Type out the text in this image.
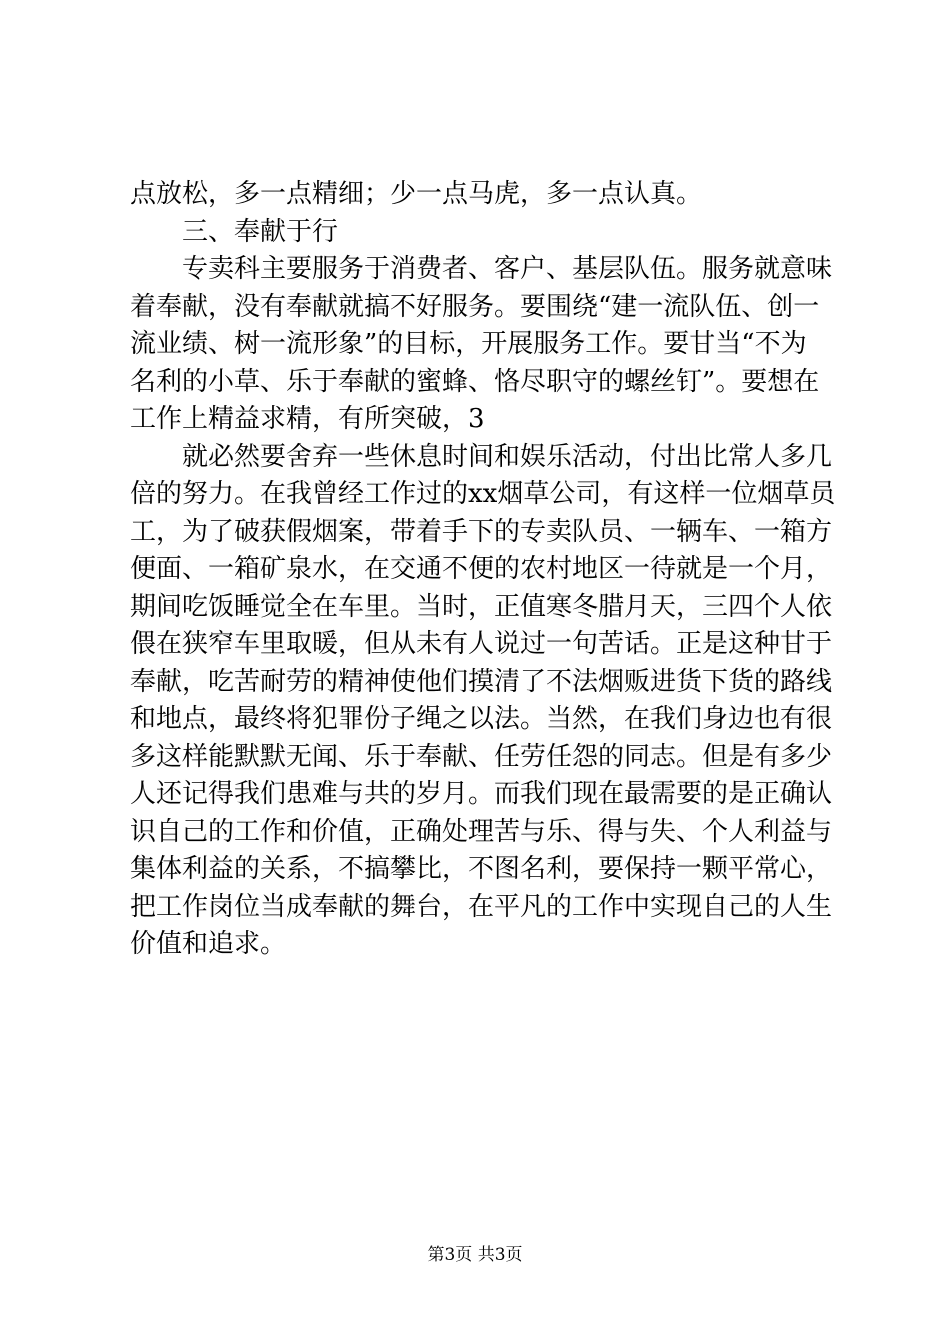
点放松，多一点精细；少一点马虎，多一点认真。
三、奉献于行
专卖科主要服务于消费者、客户、基层队伍。服务就意味
着奉献，没有奉献就搞不好服务。要围绕“建一流队伍、创一
流业绩、树一流形象”的目标，开展服务工作。要甘当“不为
名利的小草、乐于奉献的蜜蜂、恪尽职守的螺丝钉”。要想在
工作上精益求精，有所突破，3
就必然要舍弃一些休息时间和娱乐活动，付出比常人多几
倍的努力。在我曾经工作过的xx烟草公司，有这样一位烟草员
工，为了破获假烟案，带着手下的专卖队员、一辆车、一箱方
便面、一箱矿泉水，在交通不便的农村地区一待就是一个月，
期间吃饭睡觉全在车里。当时，正值寒冬腊月天，三四个人依
偎在狭窄车里取暖，但从未有人说过一句苦话。正是这种甘于
奉献，吃苦耐劳的精神使他们摸清了不法烟贩进货下货的路线
和地点，最终将犯罪份子绳之以法。当然，在我们身边也有很
多这样能默默无闻、乐于奉献、任劳任怨的同志。但是有多少
人还记得我们患难与共的岁月。而我们现在最需要的是正确认
识自己的工作和价值，正确处理苦与乐、得与失、个人利益与
集体利益的关系，不搞攀比，不图名利，要保持一颗平常心，
把工作岗位当成奉献的舞台，在平凡的工作中实现自己的人生
价值和追求。
第3页 共3页
